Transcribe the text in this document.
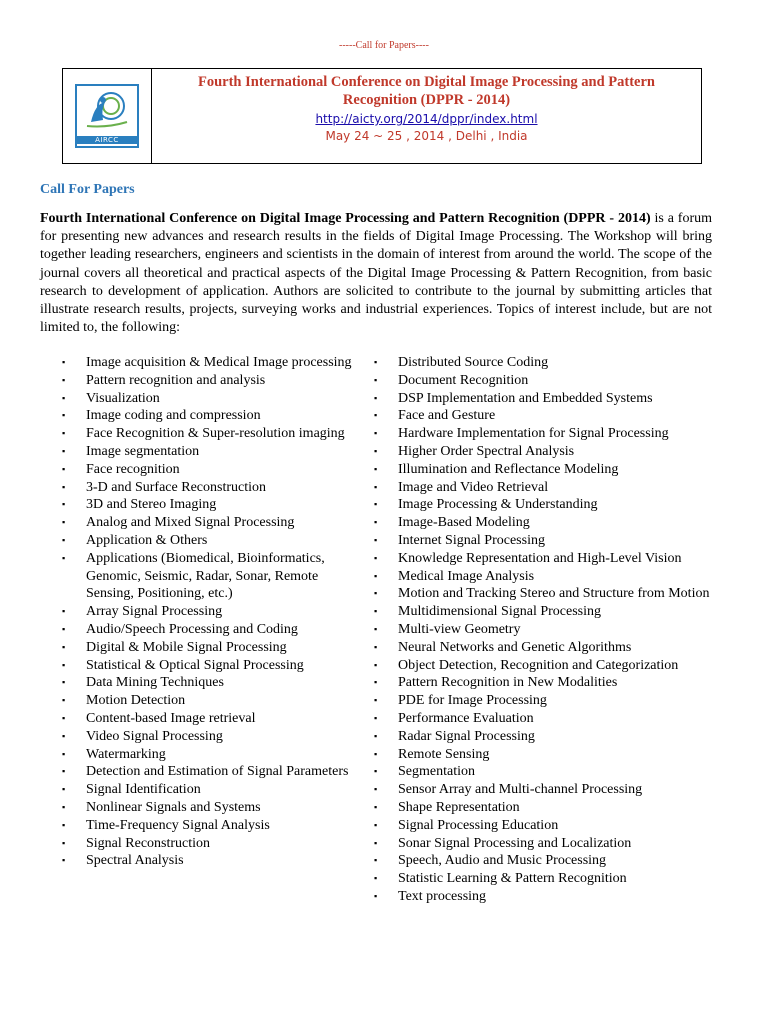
-----Call for Papers----
AIRCC
Fourth International Conference on Digital Image Processing and Pattern Recognition (DPPR - 2014)
http://aicty.org/2014/dppr/index.html
May 24 ~ 25 , 2014 , Delhi , India
Call For Papers
Fourth International Conference on Digital Image Processing and Pattern Recognition (DPPR - 2014) is a forum for presenting new advances and research results in the fields of Digital Image Processing. The Workshop will bring together leading researchers, engineers and scientists in the domain of interest from around the world. The scope of the journal covers all theoretical and practical aspects of the Digital Image Processing & Pattern Recognition, from basic research to development of application. Authors are solicited to contribute to the journal by submitting articles that illustrate research results, projects, surveying works and industrial experiences. Topics of interest include, but are not limited to, the following:
▪ Image acquisition & Medical Image processing
▪ Pattern recognition and analysis
▪ Visualization
▪ Image coding and compression
▪ Face Recognition & Super-resolution imaging
▪ Image segmentation
▪ Face recognition
▪ 3-D and Surface Reconstruction
▪ 3D and Stereo Imaging
▪ Analog and Mixed Signal Processing
▪ Application & Others
▪ Applications (Biomedical, Bioinformatics, Genomic, Seismic, Radar, Sonar, Remote Sensing, Positioning, etc.)
▪ Array Signal Processing
▪ Audio/Speech Processing and Coding
▪ Digital & Mobile Signal Processing
▪ Statistical & Optical Signal Processing
▪ Data Mining Techniques
▪ Motion Detection
▪ Content-based Image retrieval
▪ Video Signal Processing
▪ Watermarking
▪ Detection and Estimation of Signal Parameters
▪ Signal Identification
▪ Nonlinear Signals and Systems
▪ Time-Frequency Signal Analysis
▪ Signal Reconstruction
▪ Spectral Analysis
▪ Distributed Source Coding
▪ Document Recognition
▪ DSP Implementation and Embedded Systems
▪ Face and Gesture
▪ Hardware Implementation for Signal Processing
▪ Higher Order Spectral Analysis
▪ Illumination and Reflectance Modeling
▪ Image and Video Retrieval
▪ Image Processing & Understanding
▪ Image-Based Modeling
▪ Internet Signal Processing
▪ Knowledge Representation and High-Level Vision
▪ Medical Image Analysis
▪ Motion and Tracking Stereo and Structure from Motion
▪ Multidimensional Signal Processing
▪ Multi-view Geometry
▪ Neural Networks and Genetic Algorithms
▪ Object Detection, Recognition and Categorization
▪ Pattern Recognition in New Modalities
▪ PDE for Image Processing
▪ Performance Evaluation
▪ Radar Signal Processing
▪ Remote Sensing
▪ Segmentation
▪ Sensor Array and Multi-channel Processing
▪ Shape Representation
▪ Signal Processing Education
▪ Sonar Signal Processing and Localization
▪ Speech, Audio and Music Processing
▪ Statistic Learning & Pattern Recognition
▪ Text processing
